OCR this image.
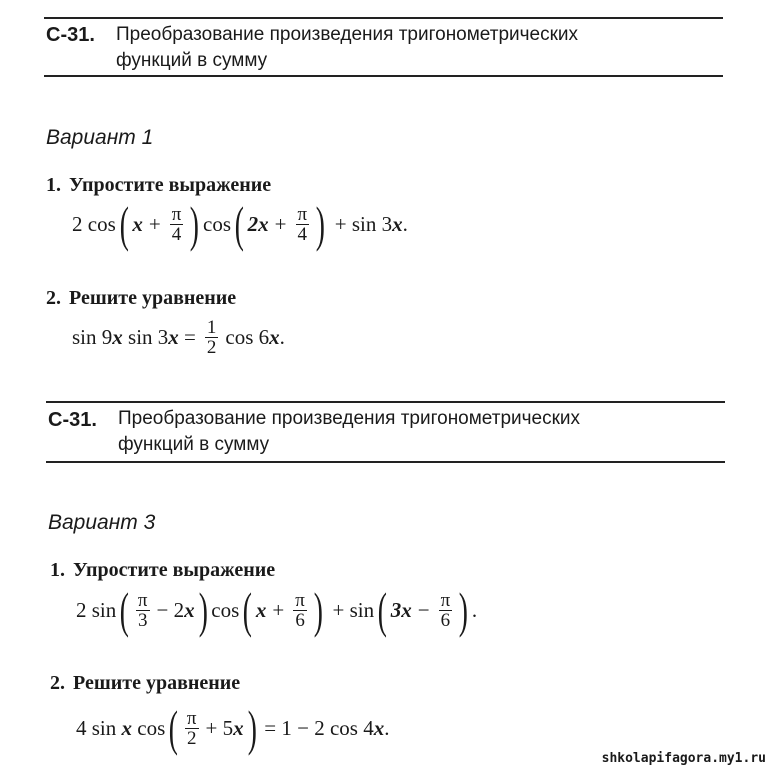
С-31. Преобразование произведения тригонометрических
функций в сумму
Вариант 1
1. Упростите выражение
2 cos ( $x + \frac{\pi}{4}$ ) cos ( $2x + \frac{\pi}{4}$ ) + sin 3 x .
2. Решите уравнение
sin 9 x sin 3 $x = \frac{1}{2}$ cos 6 x .
С-31. Преобразование произведения тригонометрических
функций в сумму
Вариант 3
1. Упростите выражение
2 sin ( $\frac{\pi}{3} - 2$ x ) cos ( $x + \frac{\pi}{6}$ ) + sin ( $3x - \frac{\pi}{6}$ ) .
2. Решите уравнение
4 sin
x
cos ( $\frac{\pi}{2} + 5$ x ) = 1 − 2 cos 4 x .
shkolapifagora.my1.ru
